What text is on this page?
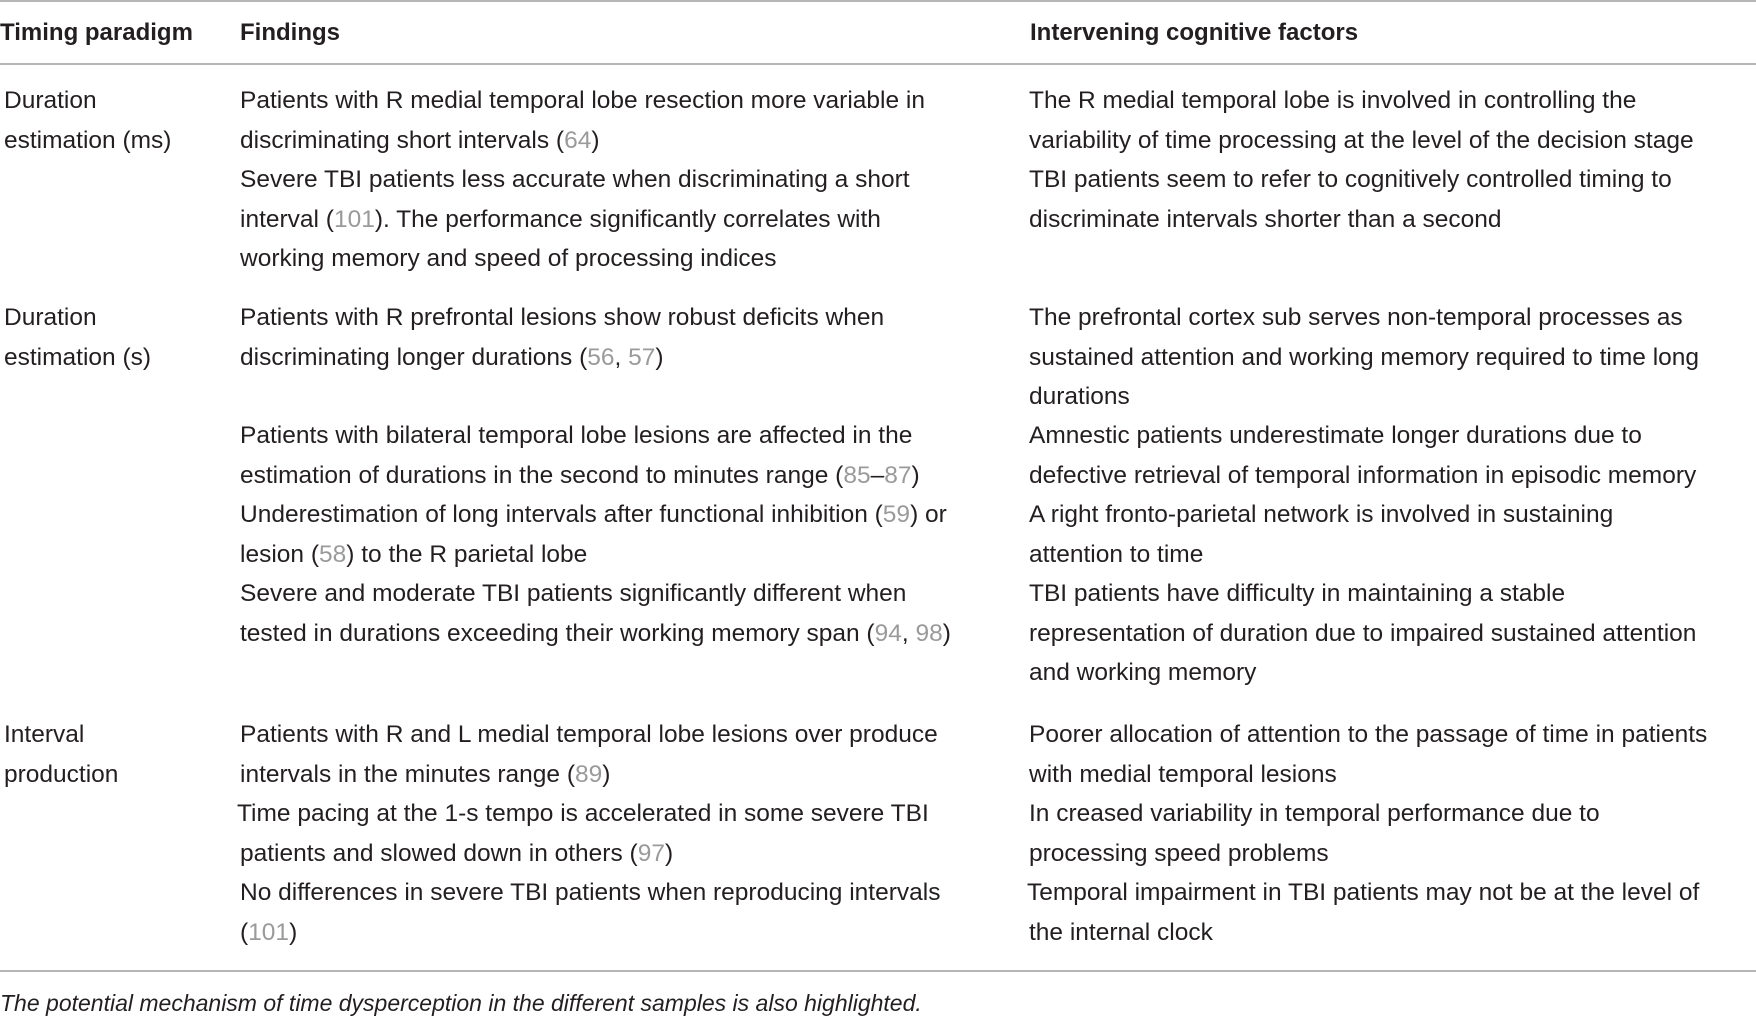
Timing paradigm Findings	Intervening cognitive factors
Duration
estimation (ms)
Patients with R medial temporal lobe resection more variable in
discriminating short intervals (64)
The R medial temporal lobe is involved in controlling the
variability of time processing at the level of the decision stage
Severe TBI patients less accurate when discriminating a short
interval (101). The performance significantly correlates with
working memory and speed of processing indices
TBI patients seem to refer to cognitively controlled timing to
discriminate intervals shorter than a second
Duration
estimation (s)
Patients with R prefrontal lesions show robust deficits when
discriminating longer durations (56, 57)
The prefrontal cortex sub serves non-temporal processes as
sustained attention and working memory required to time long
durations
Patients with bilateral temporal lobe lesions are affected in the
estimation of durations in the second to minutes range (85–87)
Amnestic patients underestimate longer durations due to
defective retrieval of temporal information in episodic memory
Underestimation of long intervals after functional inhibition (59) or
lesion (58) to the R parietal lobe
A right fronto-parietal network is involved in sustaining
attention to time
Severe and moderate TBI patients significantly different when
tested in durations exceeding their working memory span (94, 98)
TBI patients have difficulty in maintaining a stable
representation of duration due to impaired sustained attention
and working memory
Interval
production
Patients with R and L medial temporal lobe lesions over produce
intervals in the minutes range (89)
Poorer allocation of attention to the passage of time in patients
with medial temporal lesions
Time pacing at the 1-s tempo is accelerated in some severe TBI
patients and slowed down in others (97)
In creased variability in temporal performance due to
processing speed problems
No differences in severe TBI patients when reproducing intervals
(101)
Temporal impairment in TBI patients may not be at the level of
the internal clock
The potential mechanism of time dysperception in the different samples is also highlighted.
